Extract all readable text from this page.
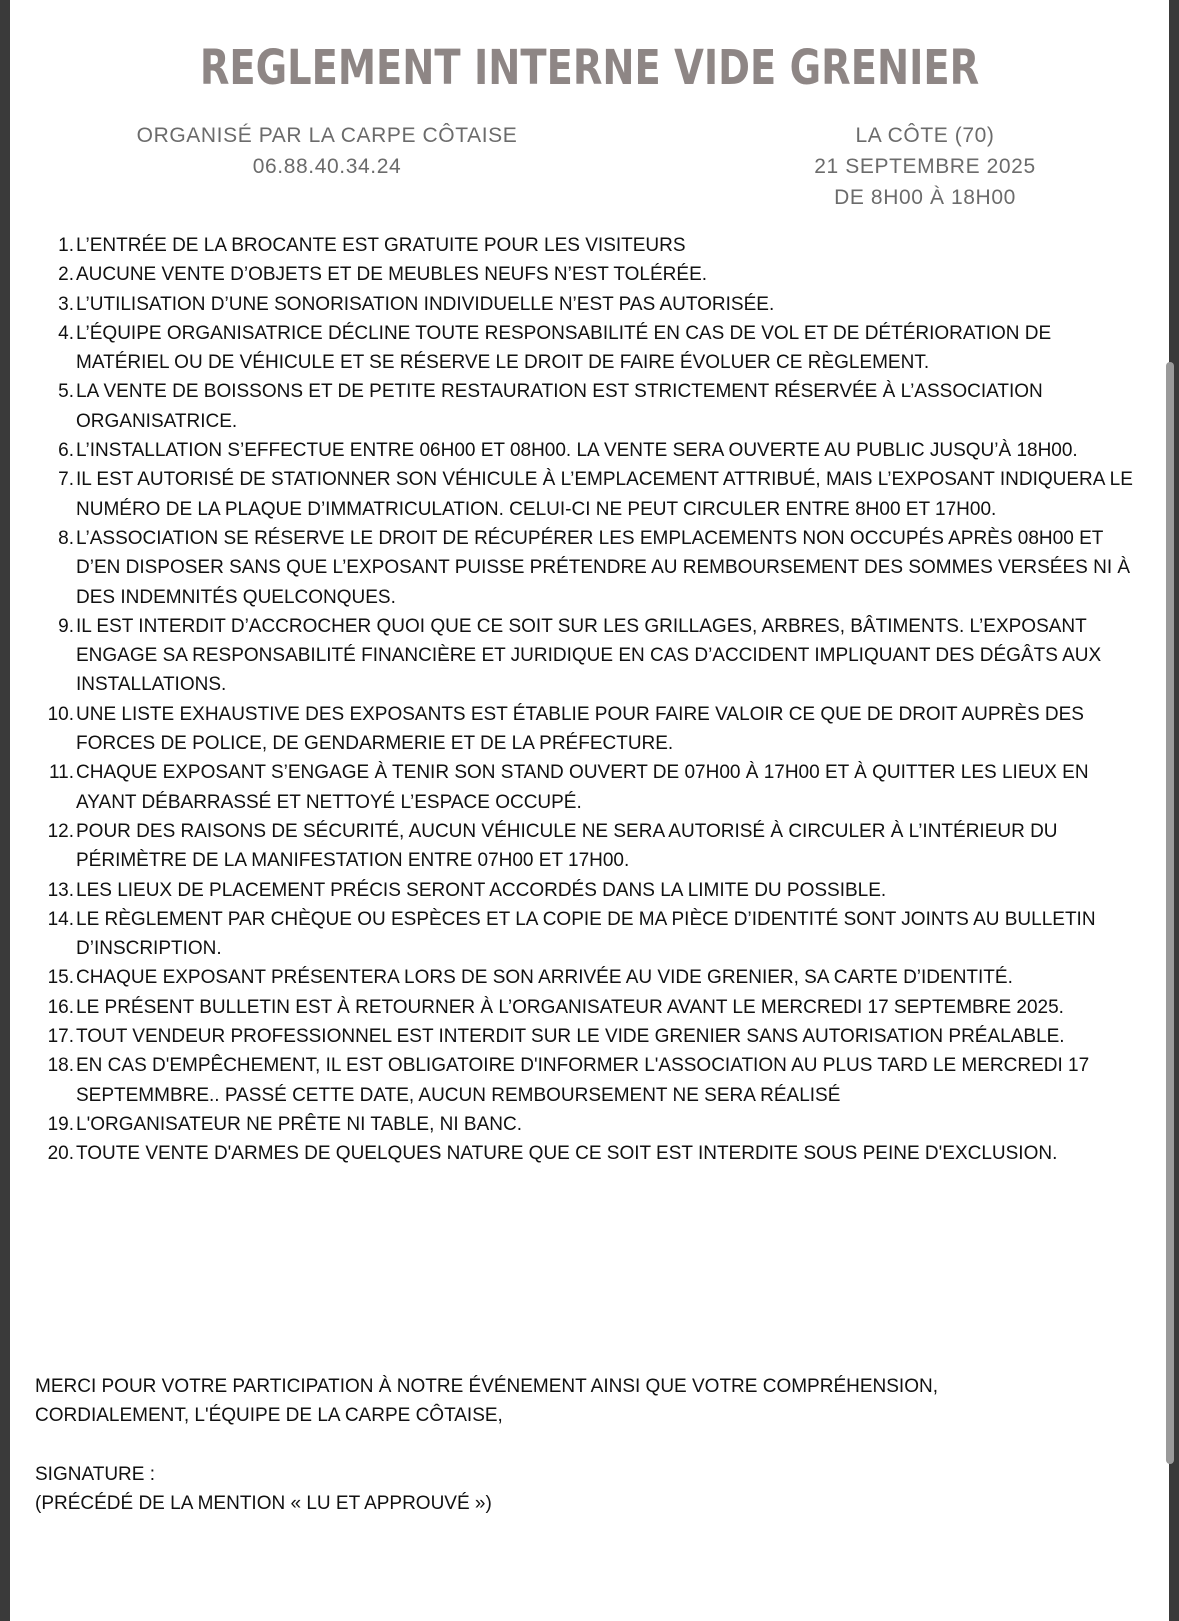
REGLEMENT INTERNE VIDE GRENIER
ORGANISÉ PAR LA CARPE CÔTAISE
06.88.40.34.24
LA CÔTE (70)
21 SEPTEMBRE 2025
DE 8H00 À 18H00
1. L’ENTRÉE DE LA BROCANTE EST GRATUITE POUR LES VISITEURS
2. AUCUNE VENTE D’OBJETS ET DE MEUBLES NEUFS N’EST TOLÉRÉE.
3. L’UTILISATION D’UNE SONORISATION INDIVIDUELLE N’EST PAS AUTORISÉE.
4. L’ÉQUIPE ORGANISATRICE DÉCLINE TOUTE RESPONSABILITÉ EN CAS DE VOL ET DE DÉTÉRIORATION DE MATÉRIEL OU DE VÉHICULE ET SE RÉSERVE LE DROIT DE FAIRE ÉVOLUER CE RÈGLEMENT.
5. LA VENTE DE BOISSONS ET DE PETITE RESTAURATION EST STRICTEMENT RÉSERVÉE À L’ASSOCIATION ORGANISATRICE.
6. L’INSTALLATION S’EFFECTUE ENTRE 06H00 ET 08H00. LA VENTE SERA OUVERTE AU PUBLIC JUSQU’À 18H00.
7. IL EST AUTORISÉ DE STATIONNER SON VÉHICULE À L’EMPLACEMENT ATTRIBUÉ, MAIS L’EXPOSANT INDIQUERA LE NUMÉRO DE LA PLAQUE D’IMMATRICULATION. CELUI-CI NE PEUT CIRCULER ENTRE 8H00 ET 17H00.
8. L’ASSOCIATION SE RÉSERVE LE DROIT DE RÉCUPÉRER LES EMPLACEMENTS NON OCCUPÉS APRÈS 08H00 ET D’EN DISPOSER SANS QUE L’EXPOSANT PUISSE PRÉTENDRE AU REMBOURSEMENT DES SOMMES VERSÉES NI À DES INDEMNITÉS QUELCONQUES.
9. IL EST INTERDIT D’ACCROCHER QUOI QUE CE SOIT SUR LES GRILLAGES, ARBRES, BÂTIMENTS. L’EXPOSANT ENGAGE SA RESPONSABILITÉ FINANCIÈRE ET JURIDIQUE EN CAS D’ACCIDENT IMPLIQUANT DES DÉGÂTS AUX INSTALLATIONS.
10. UNE LISTE EXHAUSTIVE DES EXPOSANTS EST ÉTABLIE POUR FAIRE VALOIR CE QUE DE DROIT AUPRÈS DES FORCES DE POLICE, DE GENDARMERIE ET DE LA PRÉFECTURE.
11. CHAQUE EXPOSANT S’ENGAGE À TENIR SON STAND OUVERT DE 07H00 À 17H00 ET À QUITTER LES LIEUX EN AYANT DÉBARRASSÉ ET NETTOYÉ L’ESPACE OCCUPÉ.
12. POUR DES RAISONS DE SÉCURITÉ, AUCUN VÉHICULE NE SERA AUTORISÉ À CIRCULER À L’INTÉRIEUR DU PÉRIMÈTRE DE LA MANIFESTATION ENTRE 07H00 ET 17H00.
13. LES LIEUX DE PLACEMENT PRÉCIS SERONT ACCORDÉS DANS LA LIMITE DU POSSIBLE.
14. LE RÈGLEMENT PAR CHÈQUE OU ESPÈCES ET LA COPIE DE MA PIÈCE D’IDENTITÉ SONT JOINTS AU BULLETIN D’INSCRIPTION.
15. CHAQUE EXPOSANT PRÉSENTERA LORS DE SON ARRIVÉE AU VIDE GRENIER, SA CARTE D’IDENTITÉ.
16. LE PRÉSENT BULLETIN EST À RETOURNER À L’ORGANISATEUR AVANT LE MERCREDI 17 SEPTEMBRE 2025.
17. TOUT VENDEUR PROFESSIONNEL EST INTERDIT SUR LE VIDE GRENIER SANS AUTORISATION PRÉALABLE.
18. EN CAS D'EMPÊCHEMENT, IL EST OBLIGATOIRE D'INFORMER L'ASSOCIATION AU PLUS TARD LE MERCREDI 17 SEPTEMMBRE.. PASSÉ CETTE DATE, AUCUN REMBOURSEMENT NE SERA RÉALISÉ
19. L'ORGANISATEUR NE PRÊTE NI TABLE, NI BANC.
20. TOUTE VENTE D'ARMES DE QUELQUES NATURE QUE CE SOIT EST INTERDITE SOUS PEINE D'EXCLUSION.
MERCI POUR VOTRE PARTICIPATION À NOTRE ÉVÉNEMENT AINSI QUE VOTRE COMPRÉHENSION,
CORDIALEMENT, L'ÉQUIPE DE LA CARPE CÔTAISE,
SIGNATURE :
(PRÉCÉDÉ DE LA MENTION « LU ET APPROUVÉ »)
